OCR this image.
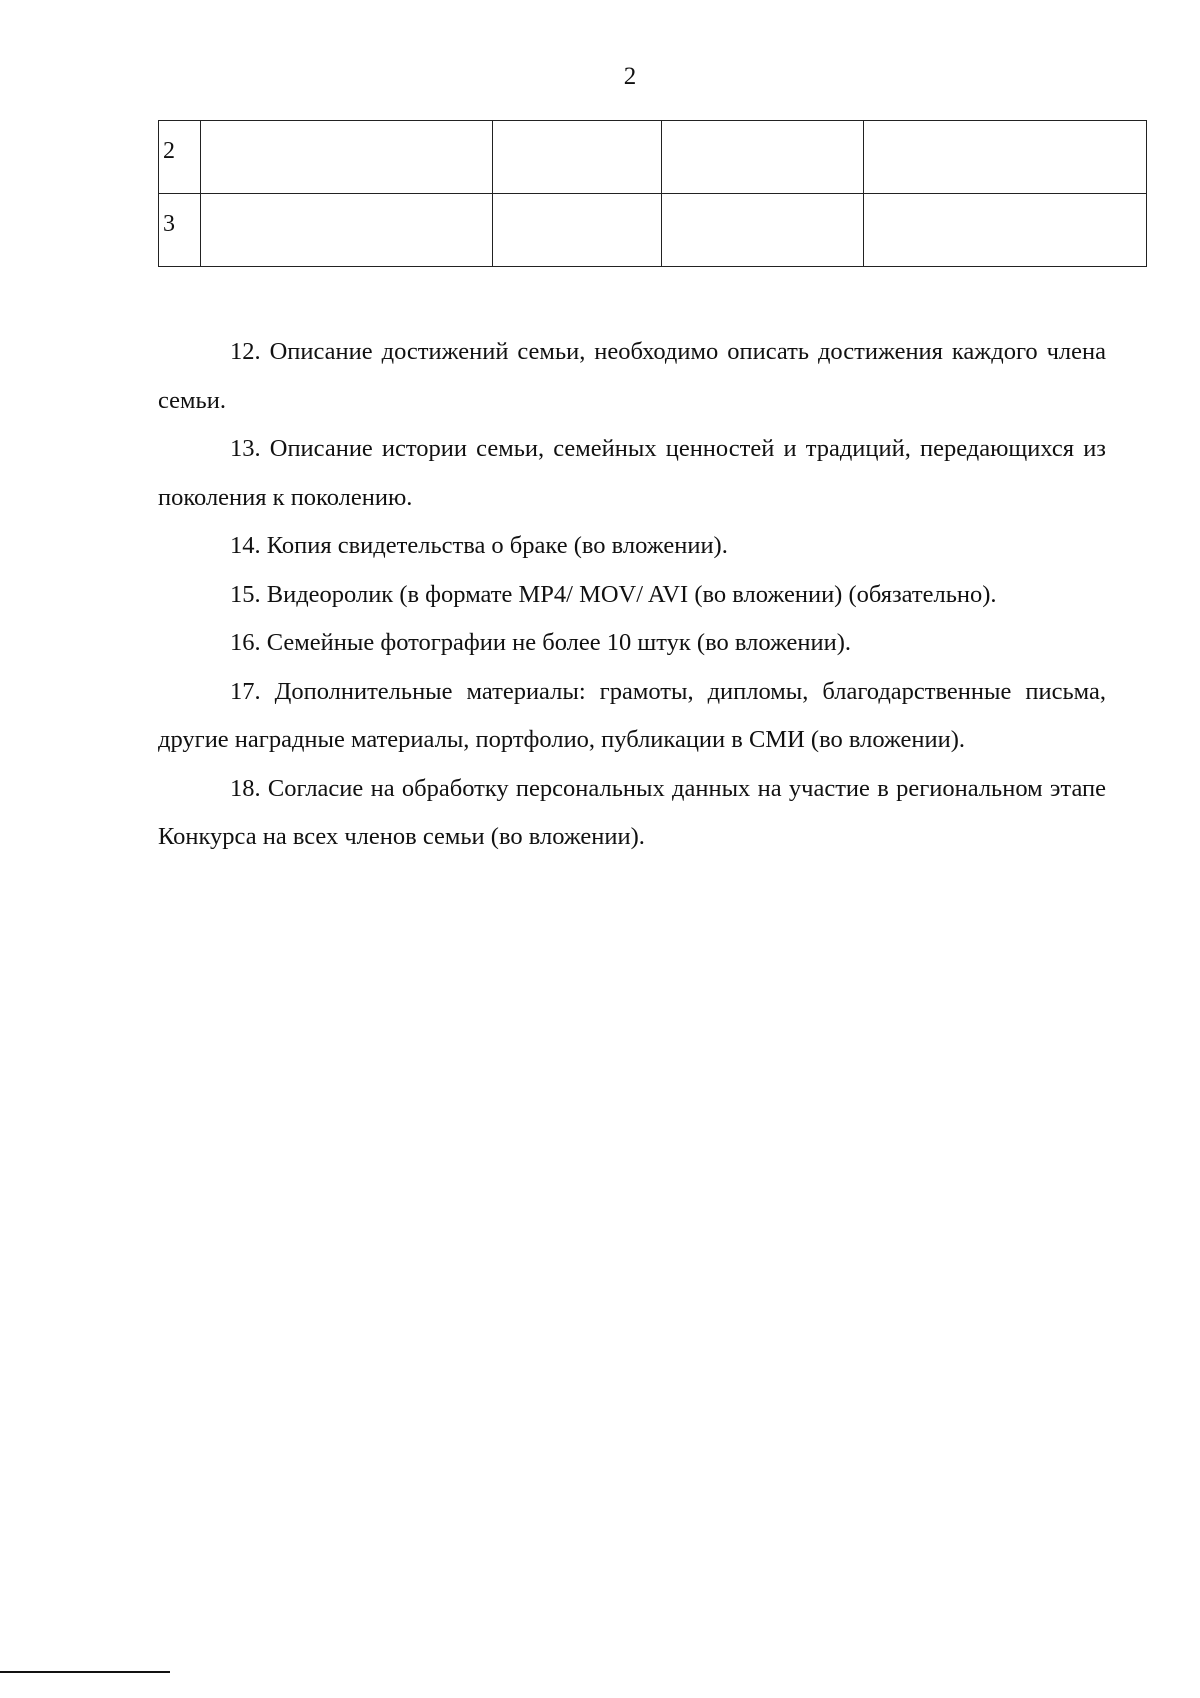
2
2				
3				

12. Описание достижений семьи, необходимо описать достижения каждого члена семьи.

13. Описание истории семьи, семейных ценностей и традиций, передающихся из поколения к поколению.

14. Копия свидетельства о браке (во вложении).

15. Видеоролик (в формате MP4/ MOV/ AVI (во вложении) (обязательно).

16. Семейные фотографии не более 10 штук (во вложении).

17. Дополнительные материалы: грамоты, дипломы, благодарственные письма, другие наградные материалы, портфолио, публикации в СМИ (во вложении).

18. Согласие на обработку персональных данных на участие в региональном этапе Конкурса на всех членов семьи (во вложении).
